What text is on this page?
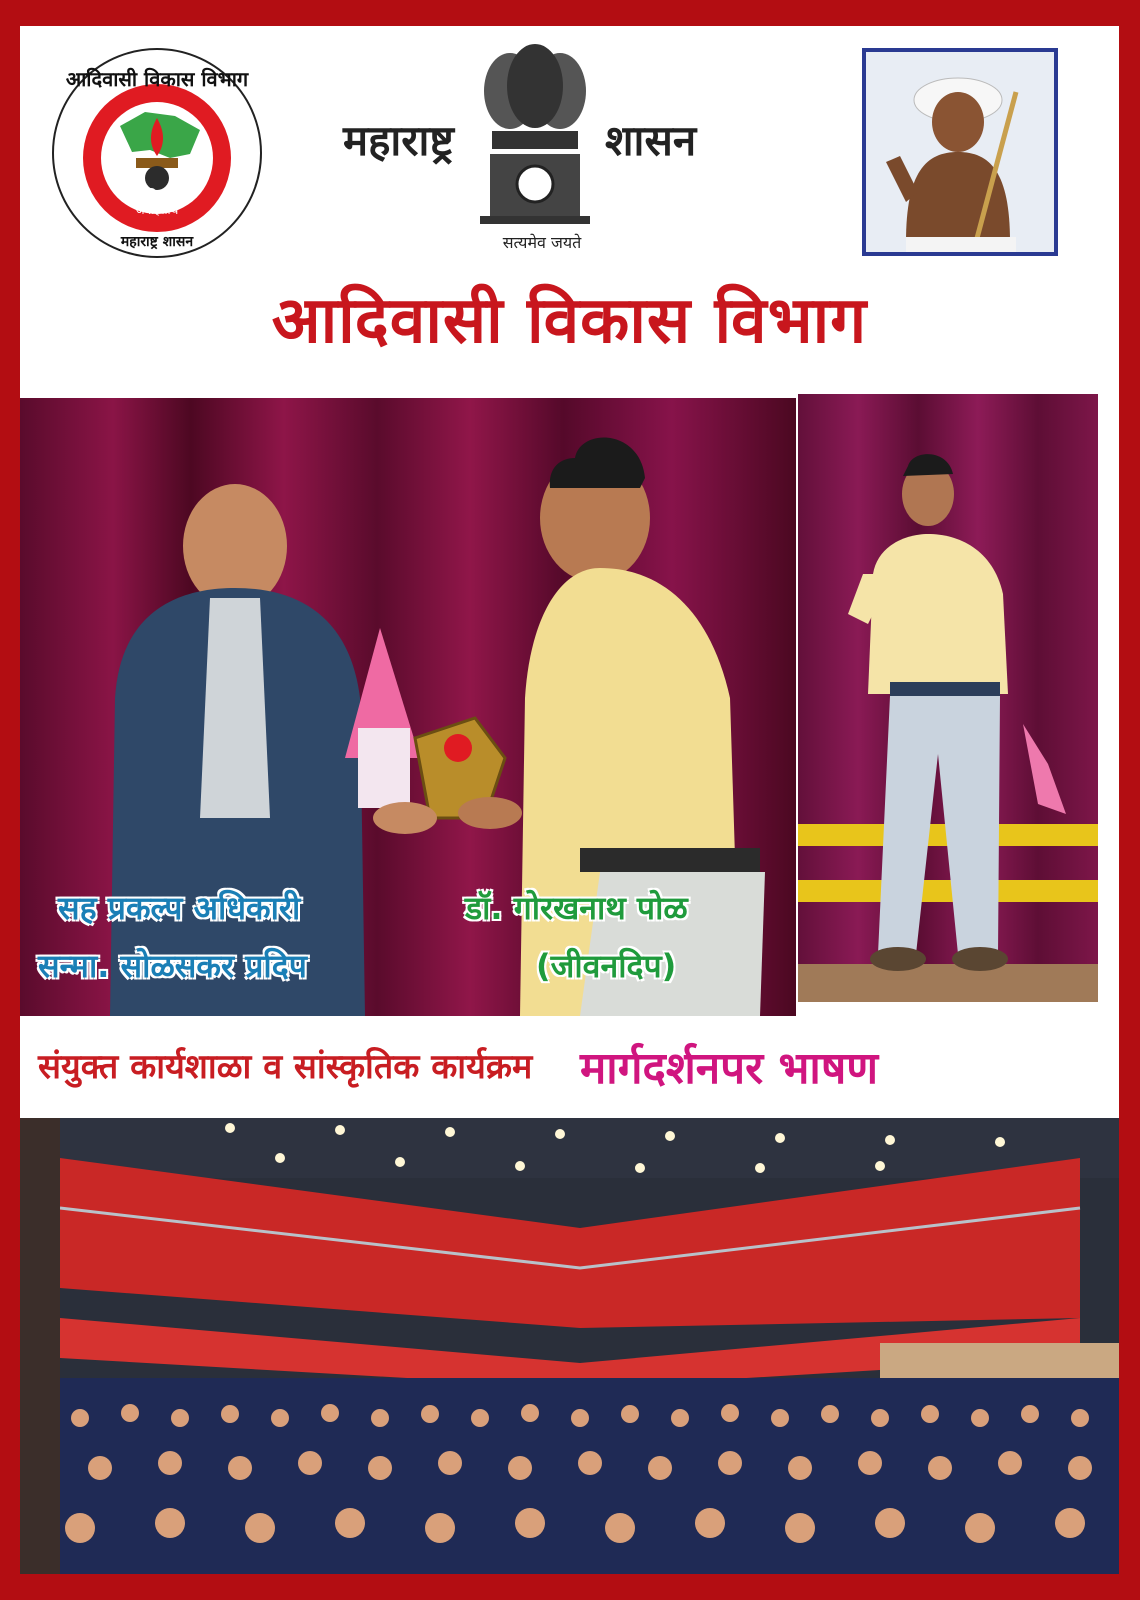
आदिवासी विकास विभाग
आदिवासी
जनहितार्थ
महाराष्ट्र शासन
महाराष्ट्र	शासन
सत्यमेव जयते
आदिवासी विकास विभाग
सह प्रकल्प अधिकारी
सन्मा. सोळसकर प्रदिप
डॉ. गोरखनाथ पोळ
(जीवनदिप)
संयुक्त कार्यशाळा व सांस्कृतिक कार्यक्रम मार्गदर्शनपर भाषण
